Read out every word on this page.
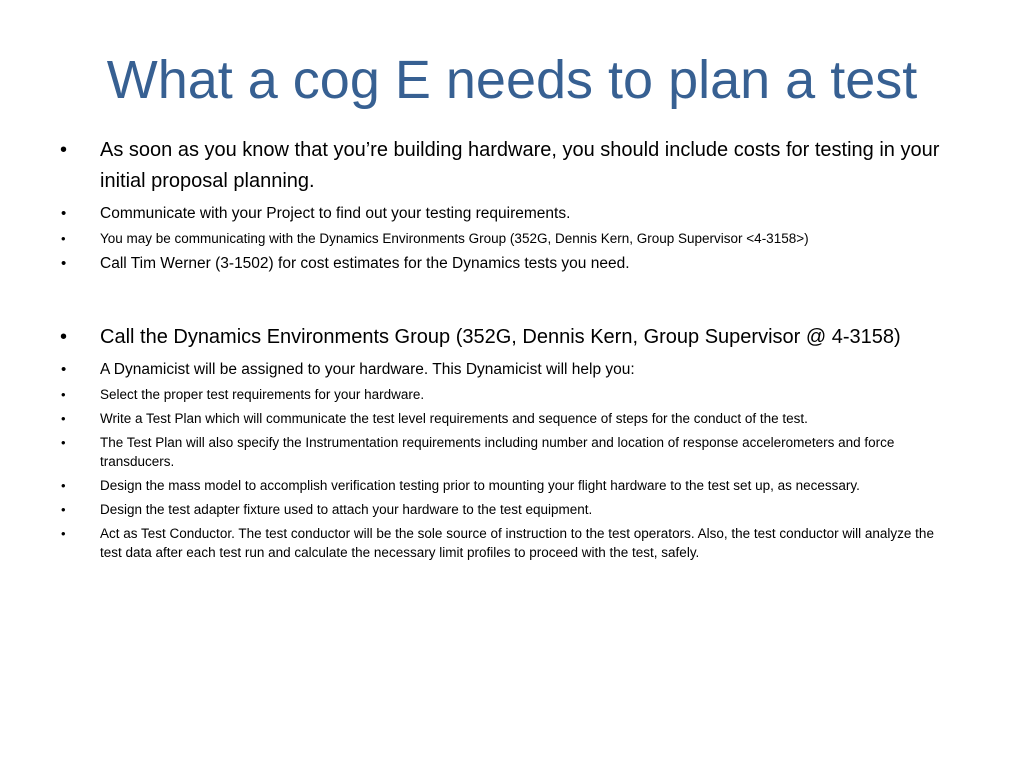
What a cog E needs to plan a test
• As soon as you know that you’re building hardware, you should include costs for testing in your initial proposal planning.
• Communicate with your Project to find out your testing requirements.
•	You may be communicating with the Dynamics Environments Group (352G, Dennis Kern, Group Supervisor <4-3158>)
• Call Tim Werner (3-1502) for cost estimates for the Dynamics tests you need.
• Call the Dynamics Environments Group (352G, Dennis Kern, Group Supervisor @ 4-3158)
• A Dynamicist will be assigned to your hardware. This Dynamicist will help you:
•	Select the proper test requirements for your hardware.
•	Write a Test Plan which will communicate the test level requirements and sequence of steps for the conduct of the test.
•	The Test Plan will also specify the Instrumentation requirements including number and location of response accelerometers and force transducers.
•	Design the mass model to accomplish verification testing prior to mounting your flight hardware to the test set up, as necessary.
•	Design the test adapter fixture used to attach your hardware to the test equipment.
•	Act as Test Conductor. The test conductor will be the sole source of instruction to the test operators. Also, the test conductor will analyze the test data after each test run and calculate the necessary limit profiles to proceed with the test, safely.
